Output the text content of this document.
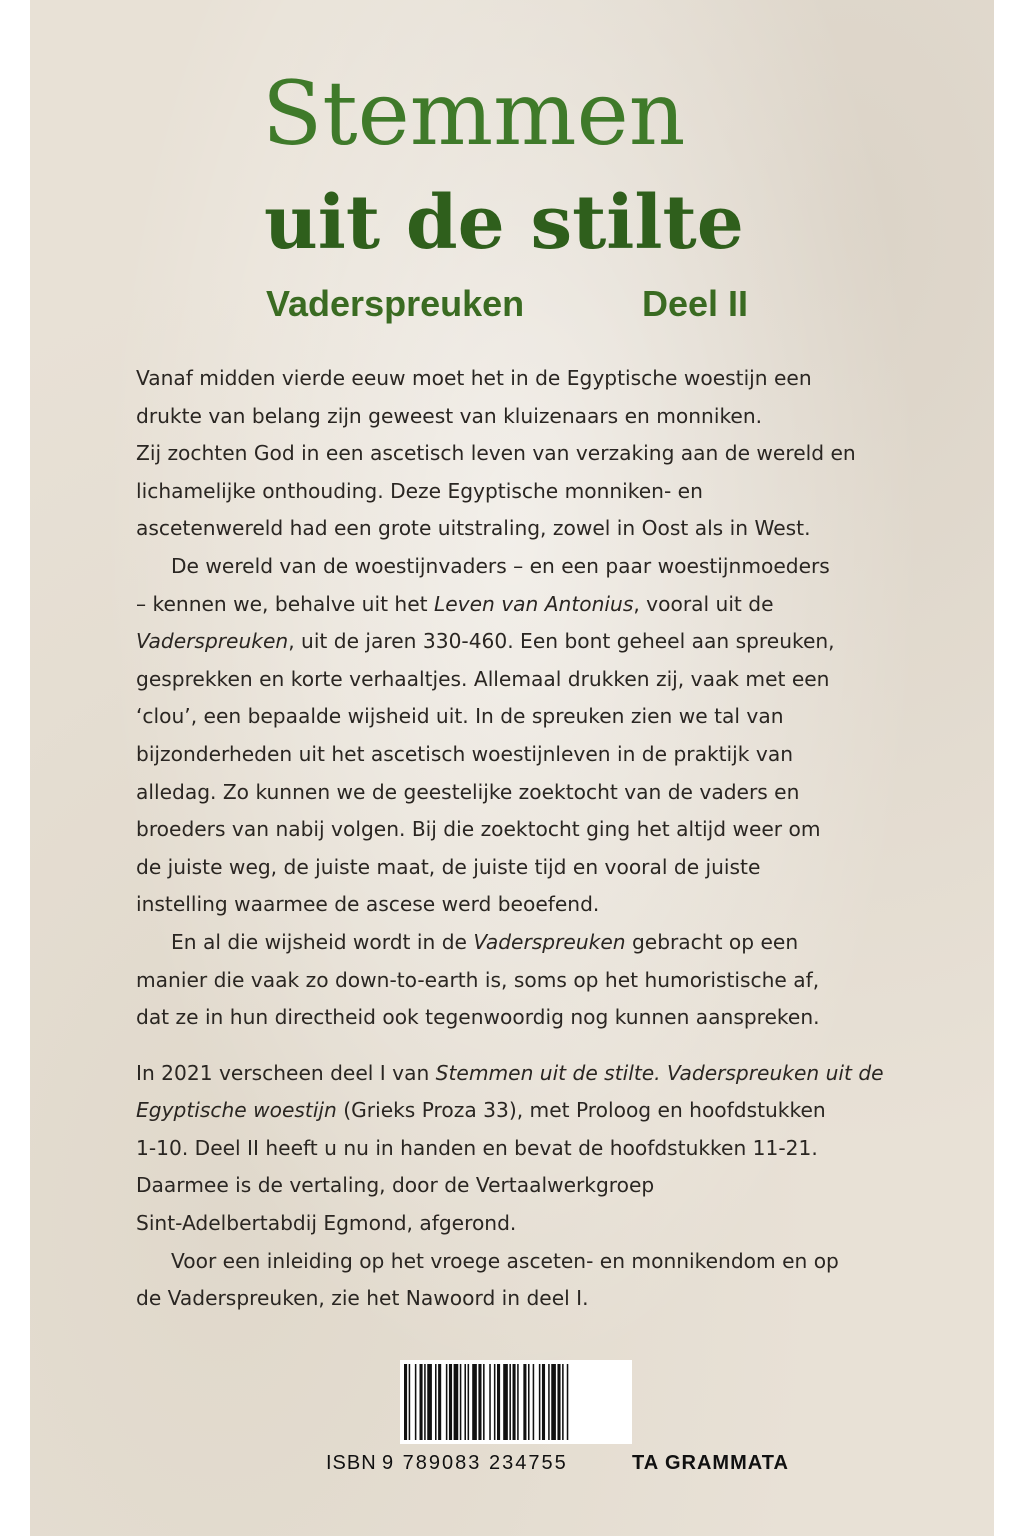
Stemmen
uit de stilte
Vaderspreuken	Deel II
Vanaf midden vierde eeuw moet het in de Egyptische woestijn een
drukte van belang zijn geweest van kluizenaars en monniken.
Zij zochten God in een ascetisch leven van verzaking aan de wereld en
lichamelijke onthouding. Deze Egyptische monniken- en
ascetenwereld had een grote uitstraling, zowel in Oost als in West.
De wereld van de woestijnvaders – en een paar woestijnmoeders
– kennen we, behalve uit het Leven van Antonius, vooral uit de
Vaderspreuken, uit de jaren 330-460. Een bont geheel aan spreuken,
gesprekken en korte verhaaltjes. Allemaal drukken zij, vaak met een
‘clou’, een bepaalde wijsheid uit. In de spreuken zien we tal van
bijzonderheden uit het ascetisch woestijnleven in de praktijk van
alledag. Zo kunnen we de geestelijke zoektocht van de vaders en
broeders van nabij volgen. Bij die zoektocht ging het altijd weer om
de juiste weg, de juiste maat, de juiste tijd en vooral de juiste
instelling waarmee de ascese werd beoefend.
En al die wijsheid wordt in de Vaderspreuken gebracht op een
manier die vaak zo down-to-earth is, soms op het humoristische af,
dat ze in hun directheid ook tegenwoordig nog kunnen aanspreken.
In 2021 verscheen deel I van Stemmen uit de stilte. Vaderspreuken uit de
Egyptische woestijn (Grieks Proza 33), met Proloog en hoofdstukken
1-10. Deel II heeft u nu in handen en bevat de hoofdstukken 11-21.
Daarmee is de vertaling, door de Vertaalwerkgroep
Sint-Adelbertabdij Egmond, afgerond.
Voor een inleiding op het vroege asceten- en monnikendom en op
de Vaderspreuken, zie het Nawoord in deel I.
ISBN 9 789083 234755	TA GRAMMATA
